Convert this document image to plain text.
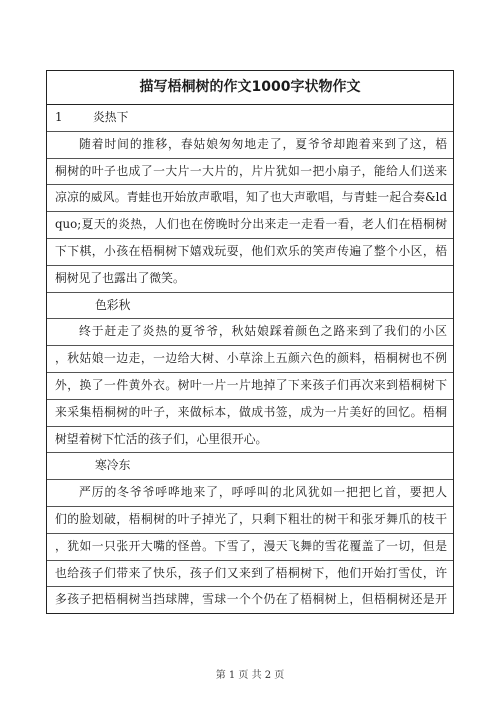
描写梧桐树的作文1000字状物作文
1	炎热下
随着时间的推移，春姑娘匆匆地走了，夏爷爷却跑着来到了这，梧
桐树的叶子也成了一大片一大片的，片片犹如一把小扇子，能给人们送来
凉凉的威风。青蛙也开始放声歌唱，知了也大声歌唱，与青蛙一起合奏&ld
quo;夏天的炎热，人们也在傍晚时分出来走一走看一看，老人们在梧桐树
下下棋，小孩在梧桐树下嬉戏玩耍，他们欢乐的笑声传遍了整个小区，梧
桐树见了也露出了微笑。
色彩秋
终于赶走了炎热的夏爷爷，秋姑娘踩着颜色之路来到了我们的小区
，秋姑娘一边走，一边给大树、小草涂上五颜六色的颜料，梧桐树也不例
外，换了一件黄外衣。树叶一片一片地掉了下来孩子们再次来到梧桐树下
来采集梧桐树的叶子，来做标本，做成书签，成为一片美好的回忆。梧桐
树望着树下忙活的孩子们，心里很开心。
寒冷东
严厉的冬爷爷呼哗地来了，呼呼叫的北风犹如一把把匕首，要把人
们的脸划破，梧桐树的叶子掉光了，只剩下粗壮的树干和张牙舞爪的枝干
，犹如一只张开大嘴的怪兽。下雪了，漫天飞舞的雪花覆盖了一切，但是
也给孩子们带来了快乐，孩子们又来到了梧桐树下，他们开始打雪仗，许
多孩子把梧桐树当挡球牌，雪球一个个仍在了梧桐树上，但梧桐树还是开
第 1 页 共 2 页
